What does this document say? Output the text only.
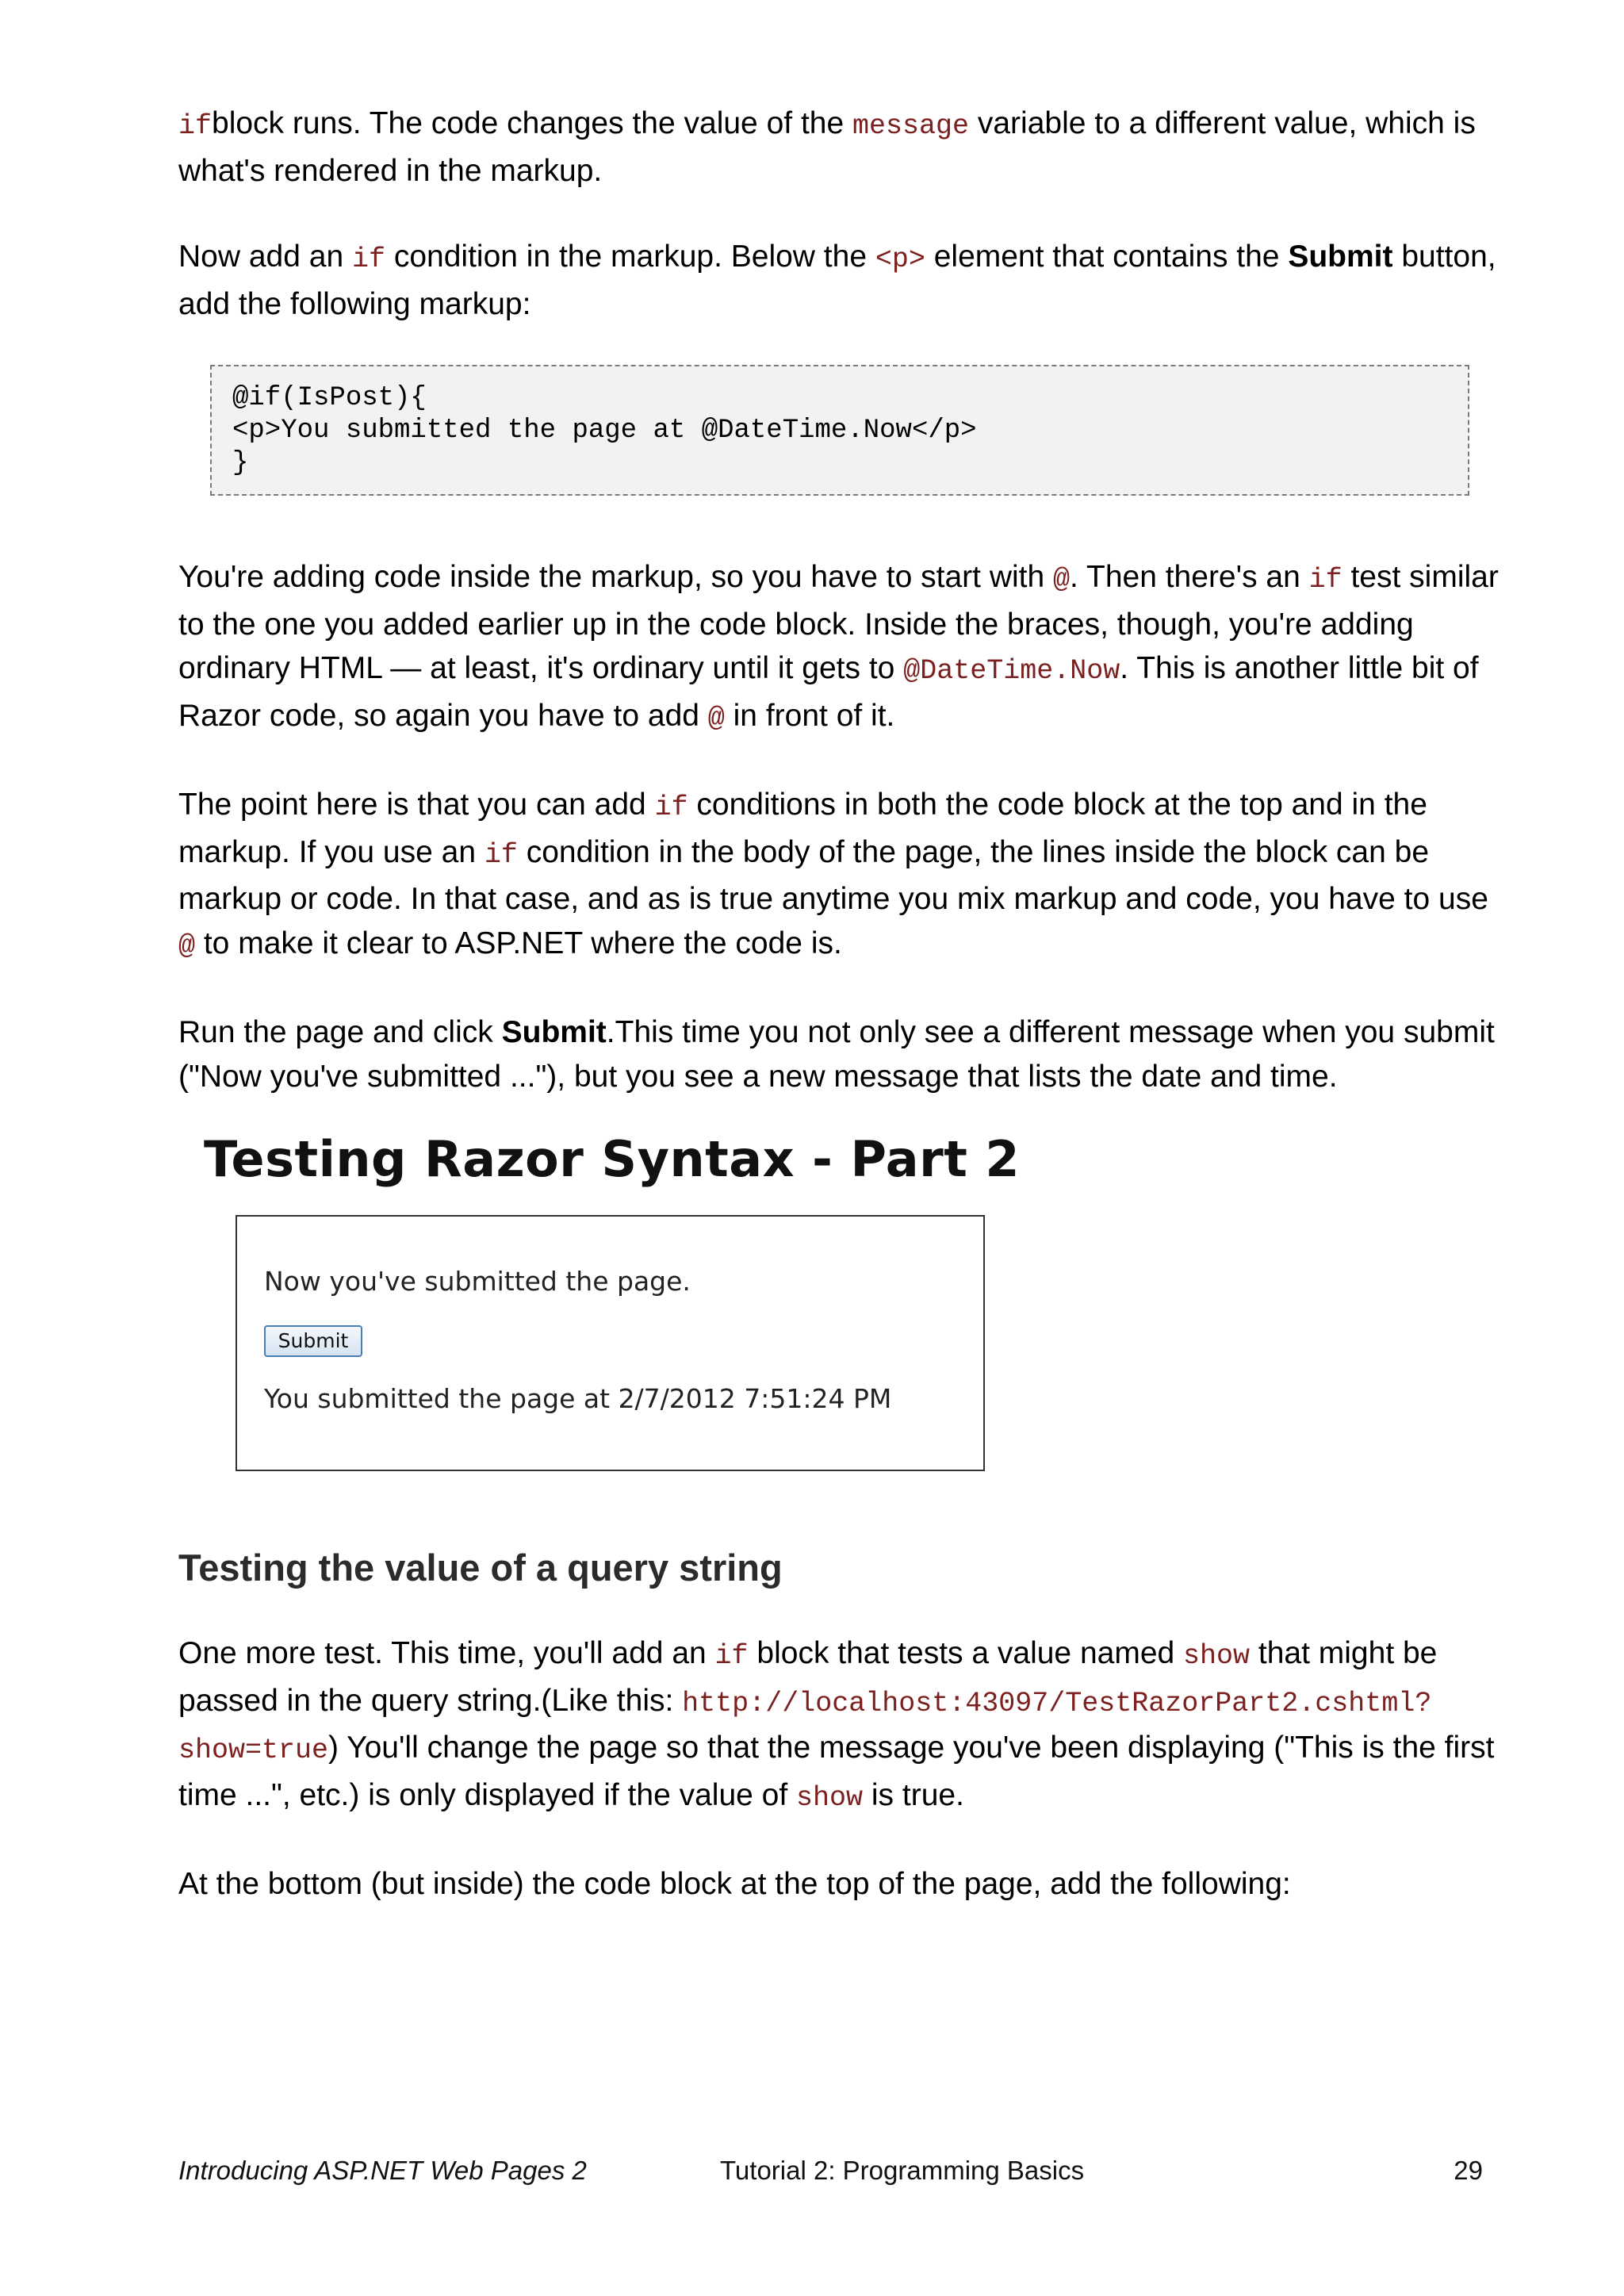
ifblock runs. The code changes the value of the message variable to a different value, which is what's rendered in the markup.

Now add an if condition in the markup. Below the <p> element that contains the Submit button, add the following markup:

@if(IsPost){
<p>You submitted the page at @DateTime.Now</p>
}

You're adding code inside the markup, so you have to start with @. Then there's an if test similar to the one you added earlier up in the code block. Inside the braces, though, you're adding ordinary HTML — at least, it's ordinary until it gets to @DateTime.Now. This is another little bit of Razor code, so again you have to add @ in front of it.

The point here is that you can add if conditions in both the code block at the top and in the markup. If you use an if condition in the body of the page, the lines inside the block can be markup or code. In that case, and as is true anytime you mix markup and code, you have to use @ to make it clear to ASP.NET where the code is.

Run the page and click Submit.This time you not only see a different message when you submit ("Now you've submitted ..."), but you see a new message that lists the date and time.

Testing Razor Syntax - Part 2
Now you've submitted the page.
Submit
You submitted the page at 2/7/2012 7:51:24 PM
Testing the value of a query string

One more test. This time, you'll add an if block that tests a value named show that might be passed in the query string.(Like this: http://localhost:43097/TestRazorPart2.cshtml?show=true) You'll change the page so that the message you've been displaying ("This is the first time ...", etc.) is only displayed if the value of show is true.

At the bottom (but inside) the code block at the top of the page, add the following:

Introducing ASP.NET Web Pages 2	Tutorial 2: Programming Basics	29
